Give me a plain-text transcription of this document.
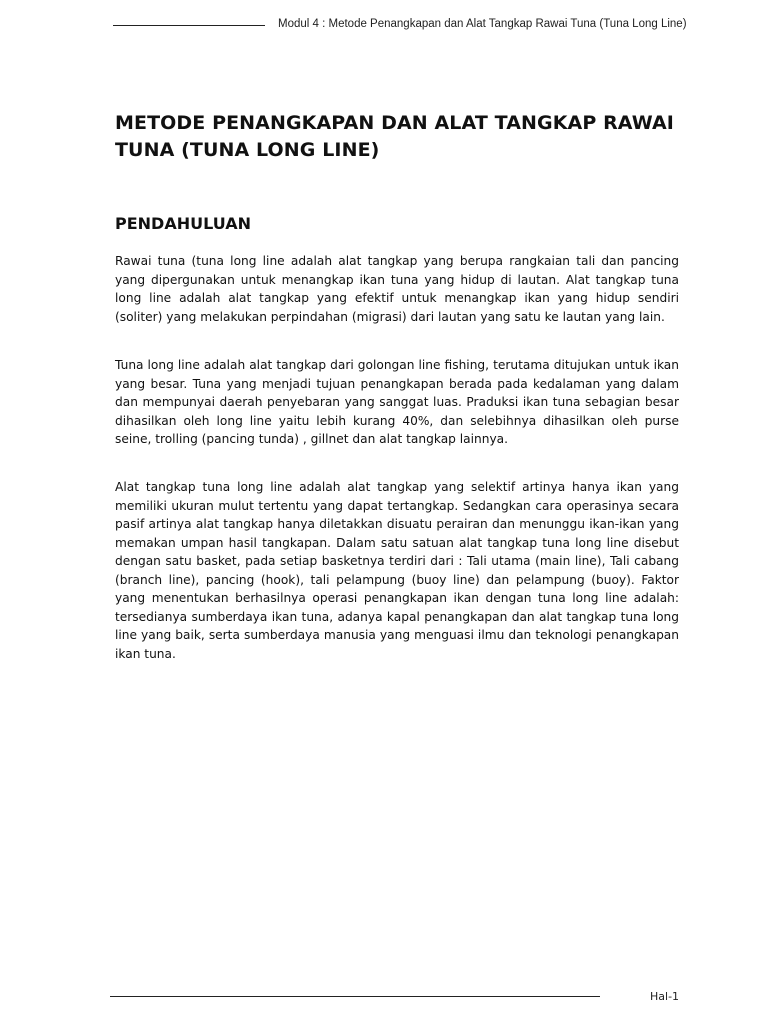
Modul 4 : Metode Penangkapan dan Alat Tangkap Rawai Tuna (Tuna Long Line)
METODE PENANGKAPAN DAN ALAT TANGKAP RAWAI TUNA (TUNA LONG LINE)
PENDAHULUAN

Rawai tuna (tuna long line adalah alat tangkap yang berupa rangkaian tali dan pancing yang dipergunakan untuk menangkap ikan tuna yang hidup di lautan. Alat tangkap tuna long line adalah alat tangkap yang efektif untuk menangkap ikan yang hidup sendiri (soliter) yang melakukan perpindahan (migrasi) dari lautan yang satu ke lautan yang lain.

Tuna long line adalah alat tangkap dari golongan line fishing, terutama ditujukan untuk ikan yang besar. Tuna yang menjadi tujuan penangkapan berada pada kedalaman yang dalam dan mempunyai daerah penyebaran yang sanggat luas. Praduksi ikan tuna sebagian besar dihasilkan oleh long line yaitu lebih kurang 40%, dan selebihnya dihasilkan oleh purse seine, trolling (pancing tunda) , gillnet dan alat tangkap lainnya.

Alat tangkap tuna long line adalah alat tangkap yang selektif artinya hanya ikan yang memiliki ukuran mulut tertentu yang dapat tertangkap. Sedangkan cara operasinya secara pasif artinya alat tangkap hanya diletakkan disuatu perairan dan menunggu ikan-ikan yang memakan umpan hasil tangkapan. Dalam satu satuan alat tangkap tuna long line disebut dengan satu basket, pada setiap basketnya terdiri dari : Tali utama (main line), Tali cabang (branch line), pancing (hook), tali pelampung (buoy line) dan pelampung (buoy). Faktor yang menentukan berhasilnya operasi penangkapan ikan dengan tuna long line adalah: tersedianya sumberdaya ikan tuna, adanya kapal penangkapan dan alat tangkap tuna long line yang baik, serta sumberdaya manusia yang menguasi ilmu dan teknologi penangkapan ikan tuna.

Hal-1
